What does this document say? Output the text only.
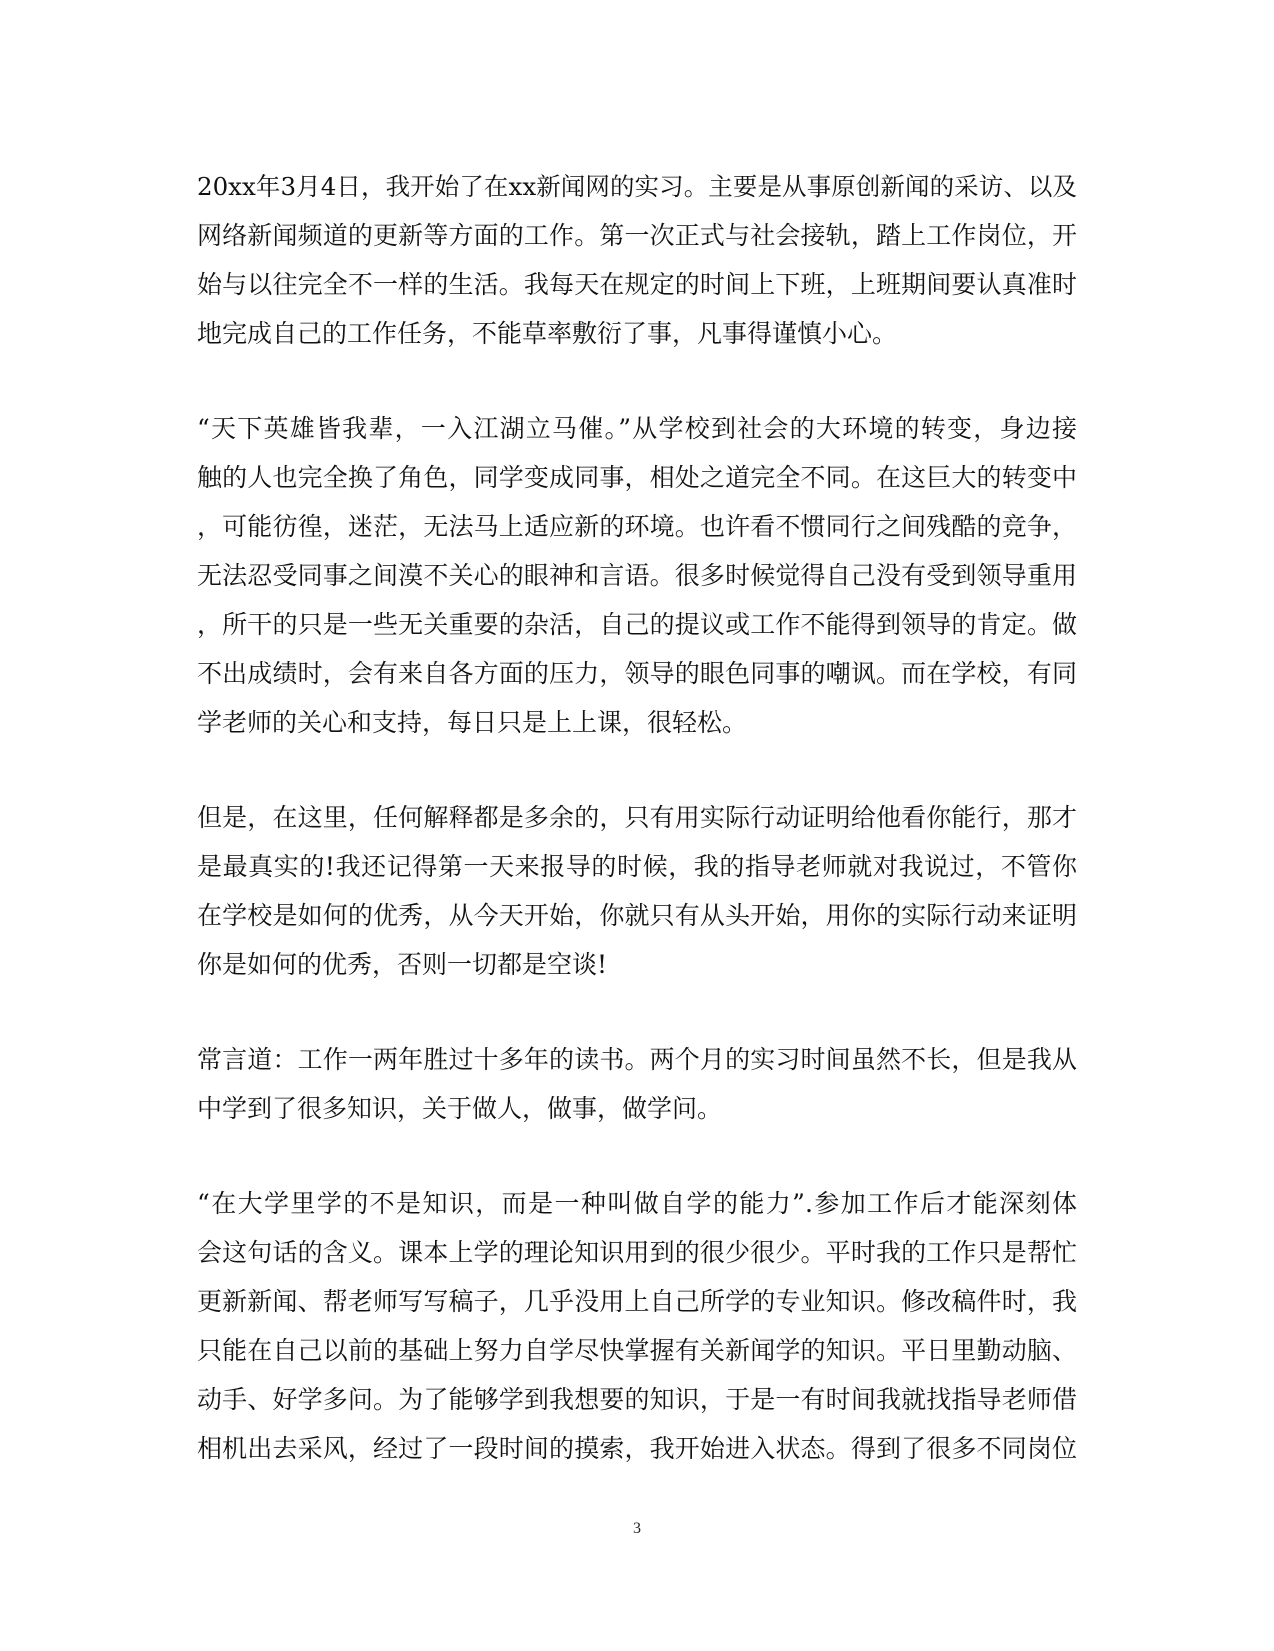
20xx年3月4日，我开始了在xx新闻网的实习。主要是从事原创新闻的采访、以及
网络新闻频道的更新等方面的工作。第一次正式与社会接轨，踏上工作岗位，开
始与以往完全不一样的生活。我每天在规定的时间上下班，上班期间要认真准时
地完成自己的工作任务，不能草率敷衍了事，凡事得谨慎小心。
“天下英雄皆我辈，一入江湖立马催。”从学校到社会的大环境的转变，身边接
触的人也完全换了角色，同学变成同事，相处之道完全不同。在这巨大的转变中
，可能彷徨，迷茫，无法马上适应新的环境。也许看不惯同行之间残酷的竞争，
无法忍受同事之间漠不关心的眼神和言语。很多时候觉得自己没有受到领导重用
，所干的只是一些无关重要的杂活，自己的提议或工作不能得到领导的肯定。做
不出成绩时，会有来自各方面的压力，领导的眼色同事的嘲讽。而在学校，有同
学老师的关心和支持，每日只是上上课，很轻松。
但是，在这里，任何解释都是多余的，只有用实际行动证明给他看你能行，那才
是最真实的!我还记得第一天来报导的时候，我的指导老师就对我说过，不管你
在学校是如何的优秀，从今天开始，你就只有从头开始，用你的实际行动来证明
你是如何的优秀，否则一切都是空谈!
常言道：工作一两年胜过十多年的读书。两个月的实习时间虽然不长，但是我从
中学到了很多知识，关于做人，做事，做学问。
“在大学里学的不是知识，而是一种叫做自学的能力”.参加工作后才能深刻体
会这句话的含义。课本上学的理论知识用到的很少很少。平时我的工作只是帮忙
更新新闻、帮老师写写稿子，几乎没用上自己所学的专业知识。修改稿件时，我
只能在自己以前的基础上努力自学尽快掌握有关新闻学的知识。平日里勤动脑、
动手、好学多问。为了能够学到我想要的知识，于是一有时间我就找指导老师借
相机出去采风，经过了一段时间的摸索，我开始进入状态。得到了很多不同岗位
3
